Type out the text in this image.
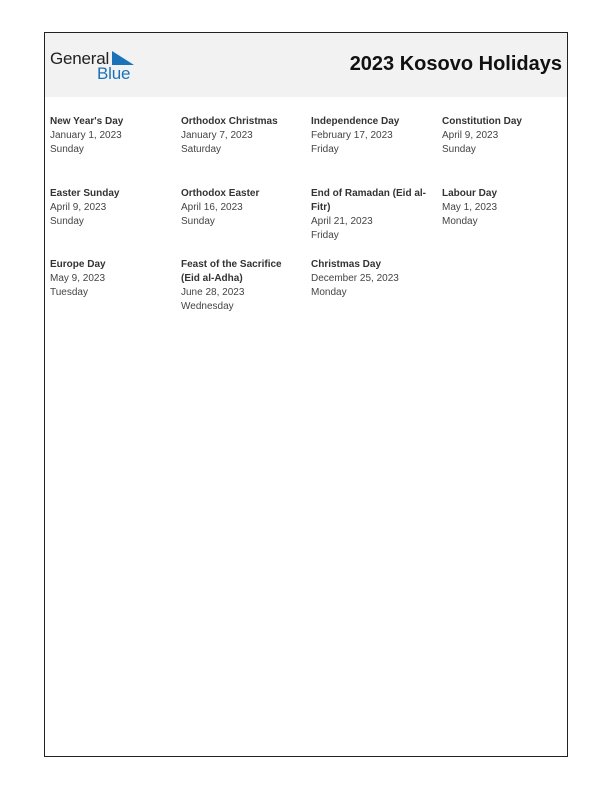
General
Blue	2023 Kosovo Holidays
New Year's Day
January 1, 2023
Sunday
Orthodox Christmas
January 7, 2023
Saturday
Independence Day
February 17, 2023
Friday
Constitution Day
April 9, 2023
Sunday
Easter Sunday
April 9, 2023
Sunday
Orthodox Easter
April 16, 2023
Sunday
End of Ramadan (Eid al-Fitr)
April 21, 2023
Friday
Labour Day
May 1, 2023
Monday
Europe Day
May 9, 2023
Tuesday
Feast of the Sacrifice (Eid al-Adha)
June 28, 2023
Wednesday
Christmas Day
December 25, 2023
Monday
